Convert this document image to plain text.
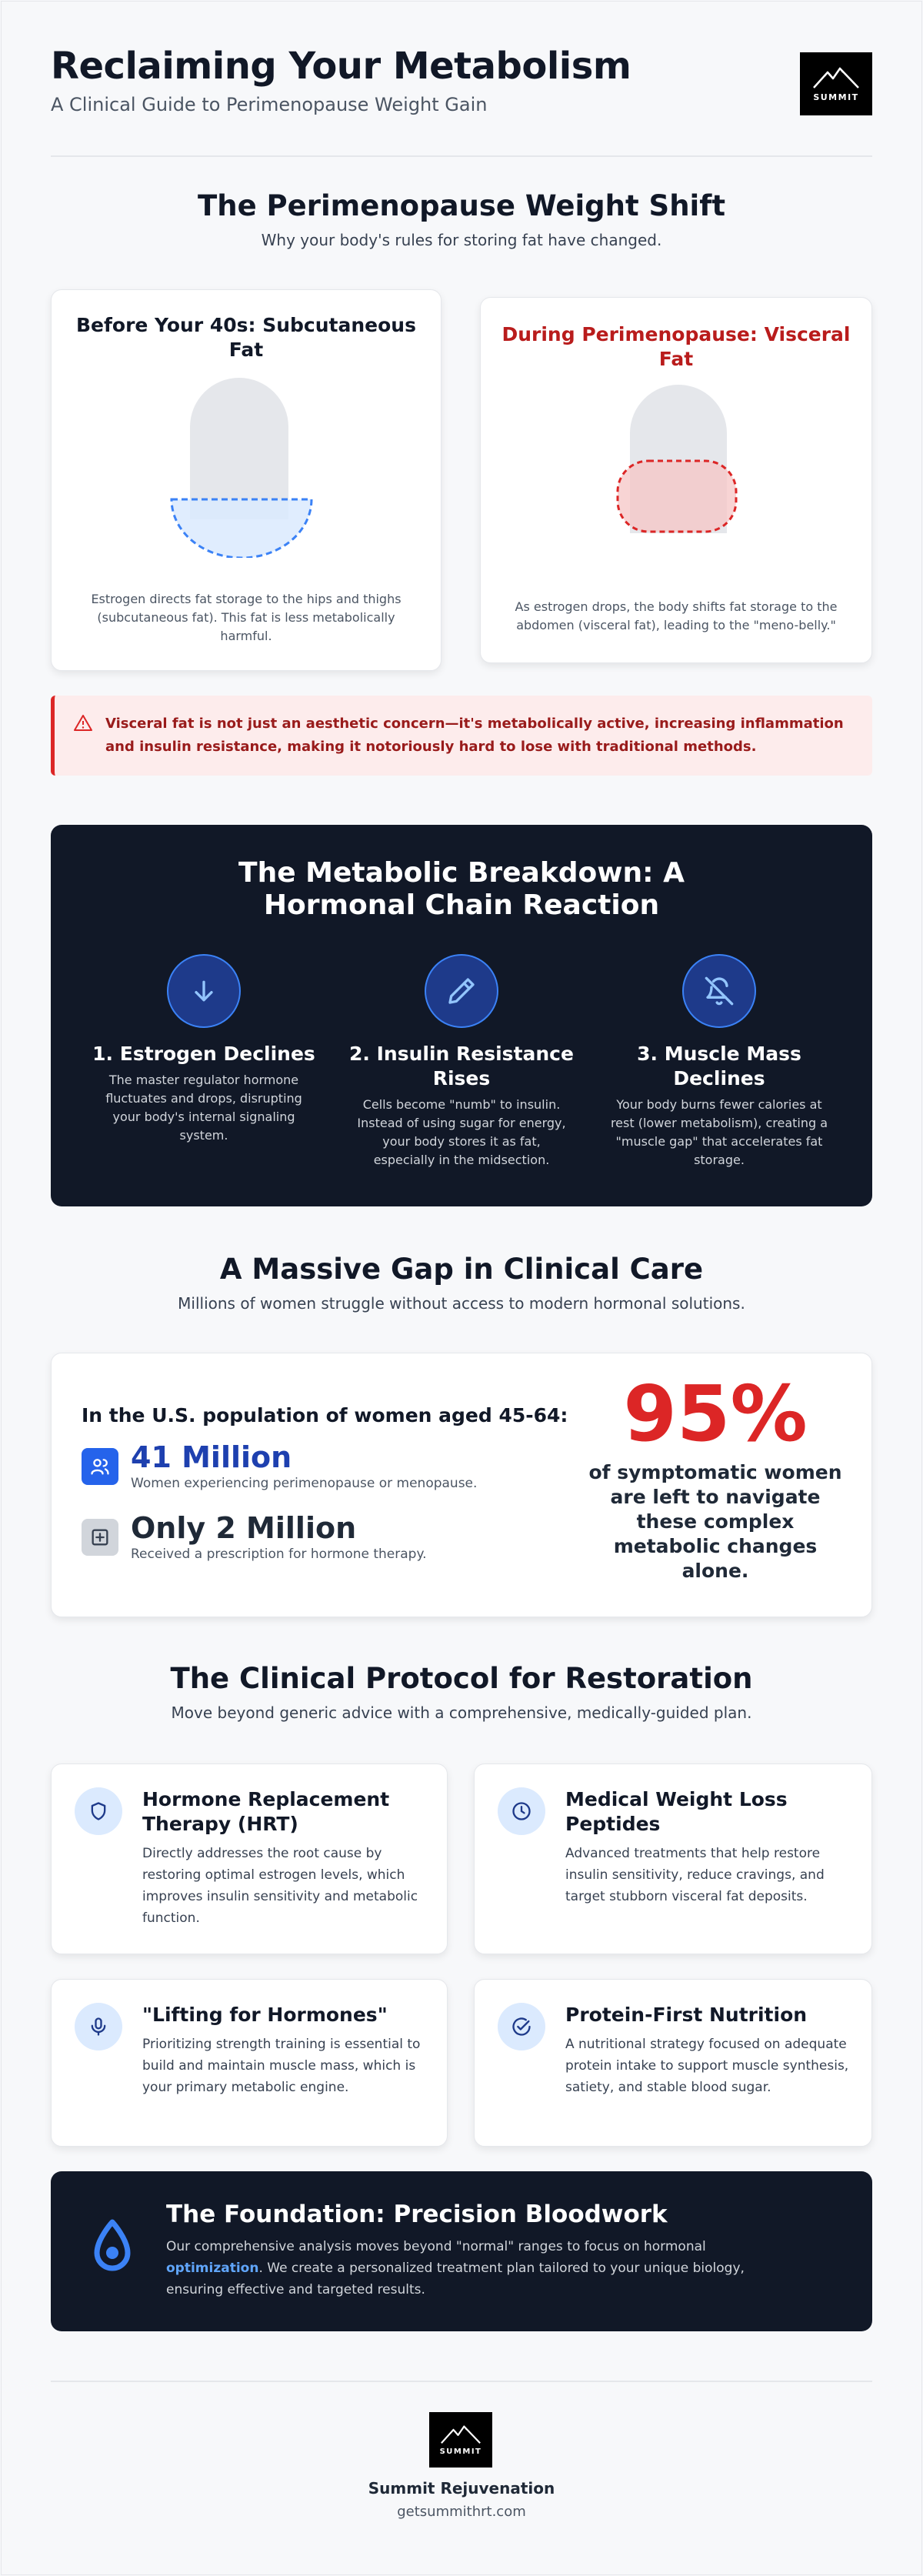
Reclaiming Your Metabolism
A Clinical Guide to Perimenopause Weight Gain	SUMMIT
The Perimenopause Weight Shift
Why your body's rules for storing fat have changed.
Before Your 40s: Subcutaneous Fat
Estrogen directs fat storage to the hips and thighs (subcutaneous fat). This fat is less metabolically harmful.
During Perimenopause: Visceral Fat
As estrogen drops, the body shifts fat storage to the abdomen (visceral fat), leading to the "meno-belly."
Visceral fat is not just an aesthetic concern—it's metabolically active, increasing inflammation and insulin resistance, making it notoriously hard to lose with traditional methods.
The Metabolic Breakdown: A Hormonal Chain Reaction
1. Estrogen Declines
The master regulator hormone fluctuates and drops, disrupting your body's internal signaling system.
2. Insulin Resistance Rises
Cells become "numb" to insulin. Instead of using sugar for energy, your body stores it as fat, especially in the midsection.
3. Muscle Mass Declines
Your body burns fewer calories at rest (lower metabolism), creating a "muscle gap" that accelerates fat storage.
A Massive Gap in Clinical Care
Millions of women struggle without access to modern hormonal solutions.
In the U.S. population of women aged 45-64:
41 Million
Women experiencing perimenopause or menopause.
Only 2 Million
Received a prescription for hormone therapy.
95%
of symptomatic women are left to navigate these complex metabolic changes alone.
The Clinical Protocol for Restoration
Move beyond generic advice with a comprehensive, medically-guided plan.
Hormone Replacement Therapy (HRT)
Directly addresses the root cause by restoring optimal estrogen levels, which improves insulin sensitivity and metabolic function.
Medical Weight Loss Peptides
Advanced treatments that help restore insulin sensitivity, reduce cravings, and target stubborn visceral fat deposits.
"Lifting for Hormones"
Prioritizing strength training is essential to build and maintain muscle mass, which is your primary metabolic engine.
Protein-First Nutrition
A nutritional strategy focused on adequate protein intake to support muscle synthesis, satiety, and stable blood sugar.
The Foundation: Precision Bloodwork
Our comprehensive analysis moves beyond "normal" ranges to focus on hormonal optimization. We create a personalized treatment plan tailored to your unique biology, ensuring effective and targeted results.
SUMMIT
Summit Rejuvenation
getsummithrt.com
